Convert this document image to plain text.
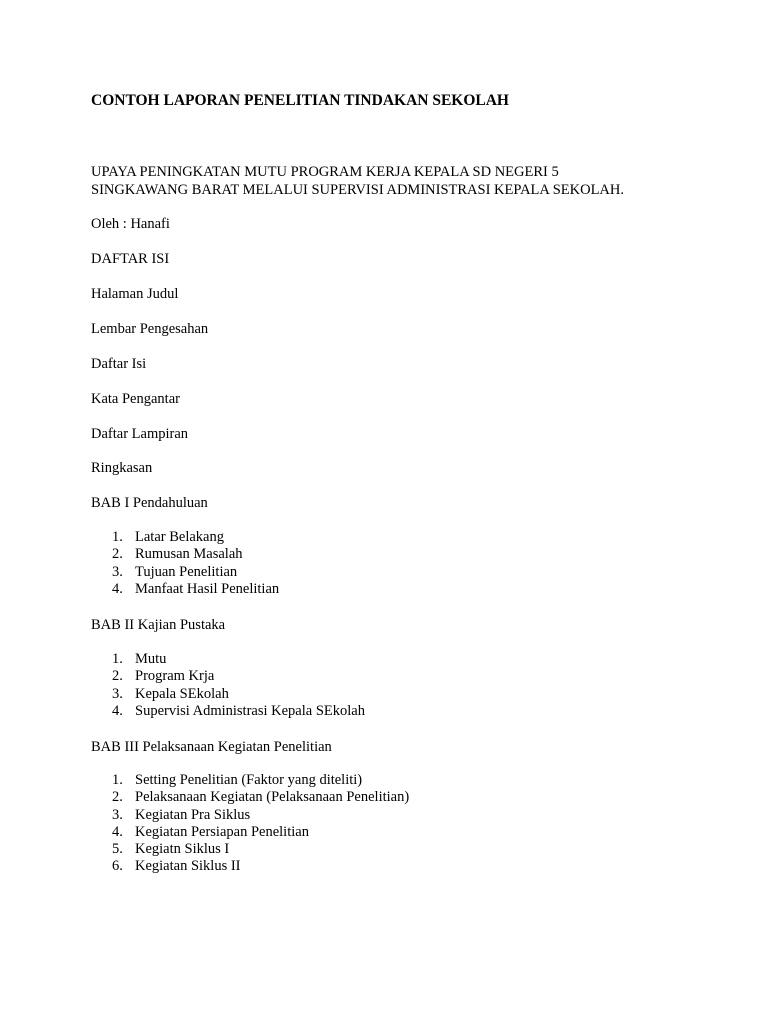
CONTOH LAPORAN PENELITIAN TINDAKAN SEKOLAH
UPAYA PENINGKATAN MUTU PROGRAM KERJA KEPALA SD NEGERI 5
SINGKAWANG BARAT MELALUI SUPERVISI ADMINISTRASI KEPALA SEKOLAH.
Oleh : Hanafi
DAFTAR ISI
Halaman Judul
Lembar Pengesahan
Daftar Isi
Kata Pengantar
Daftar Lampiran
Ringkasan
BAB I Pendahuluan
1. Latar Belakang
2. Rumusan Masalah
3. Tujuan Penelitian
4. Manfaat Hasil Penelitian
BAB II Kajian Pustaka
1. Mutu
2. Program Krja
3. Kepala SEkolah
4. Supervisi Administrasi Kepala SEkolah
BAB III Pelaksanaan Kegiatan Penelitian
1. Setting Penelitian (Faktor yang diteliti)
2. Pelaksanaan Kegiatan (Pelaksanaan Penelitian)
3. Kegiatan Pra Siklus
4. Kegiatan Persiapan Penelitian
5. Kegiatn Siklus I
6. Kegiatan Siklus II
